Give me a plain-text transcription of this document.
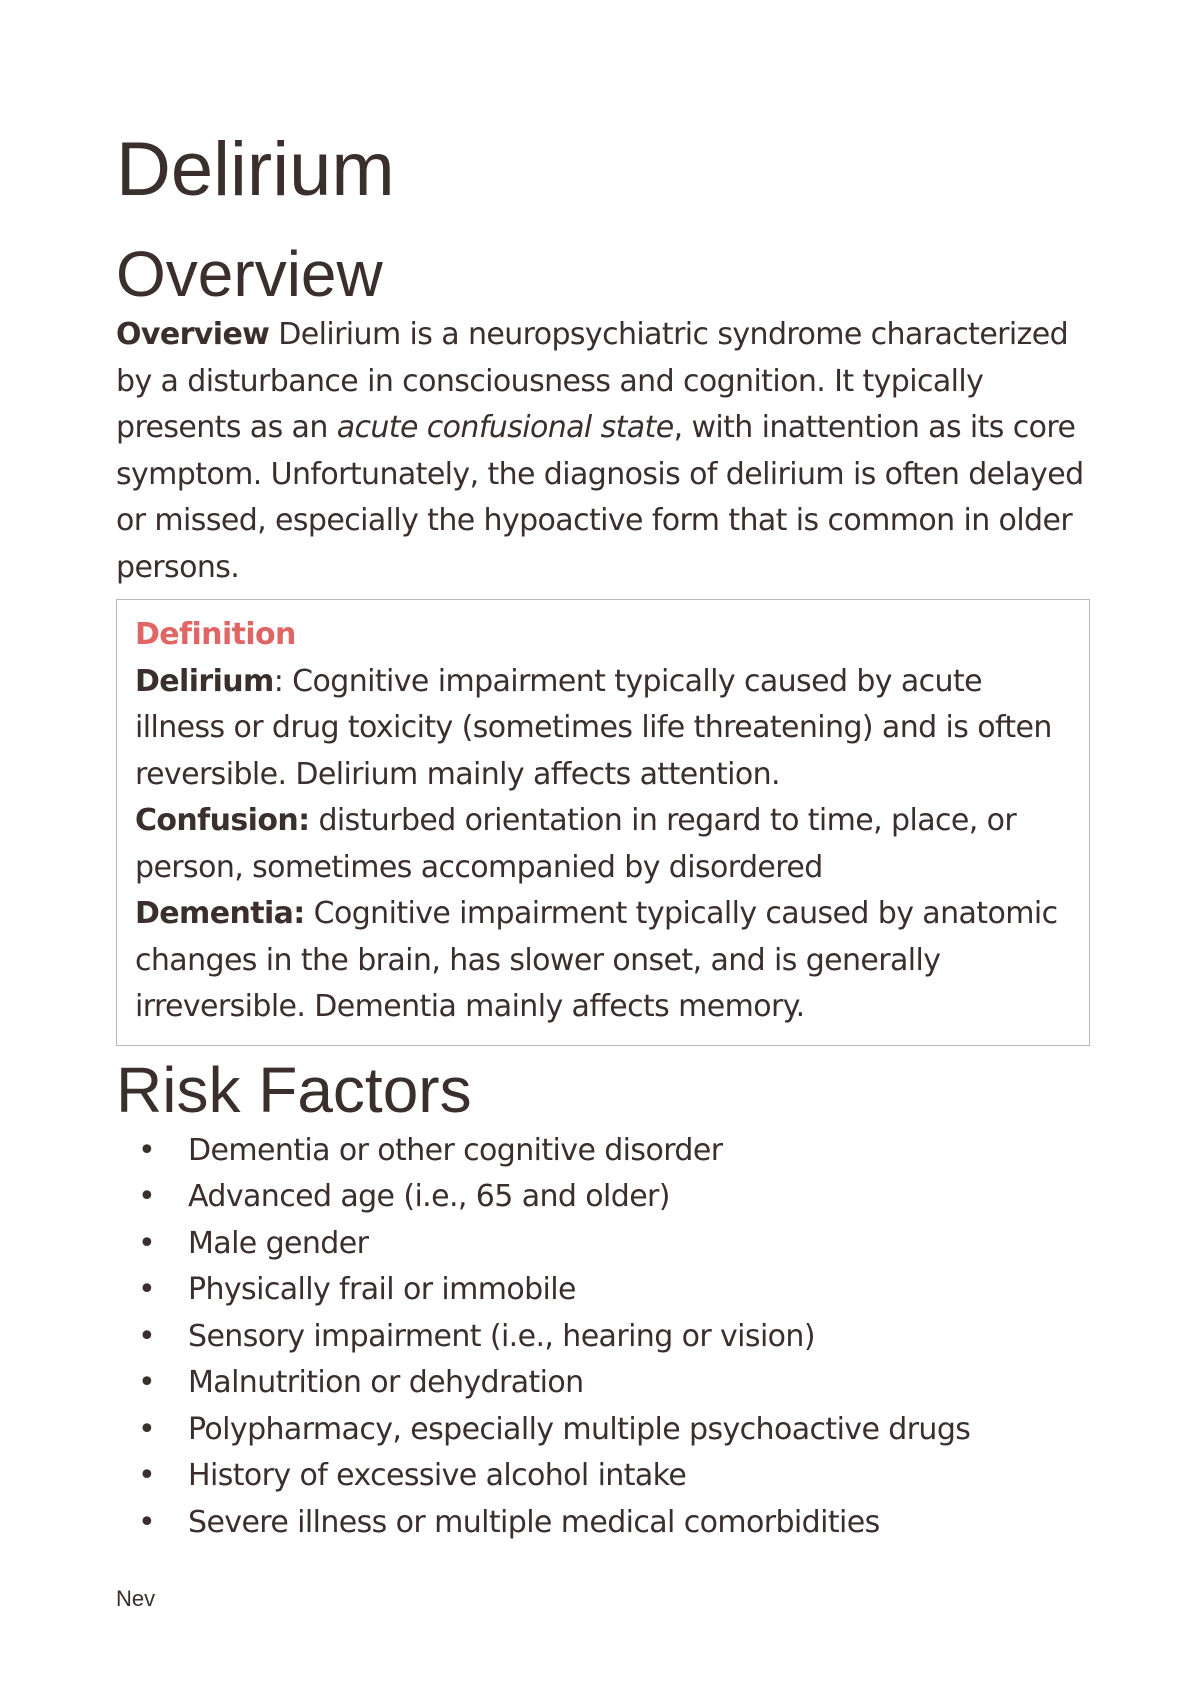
Delirium
Overview

Overview Delirium is a neuropsychiatric syndrome characterized by a disturbance in consciousness and cognition. It typically presents as an acute confusional state, with inattention as its core symptom. Unfortunately, the diagnosis of delirium is often delayed or missed, especially the hypoactive form that is common in older persons.

Definition

Delirium: Cognitive impairment typically caused by acute illness or drug toxicity (sometimes life threatening) and is often reversible. Delirium mainly affects attention.

Confusion: disturbed orientation in regard to time, place, or person, sometimes accompanied by disordered

Dementia: Cognitive impairment typically caused by anatomic changes in the brain, has slower onset, and is generally irreversible. Dementia mainly affects memory.

Risk Factors
• Dementia or other cognitive disorder
• Advanced age (i.e., 65 and older)
• Male gender
• Physically frail or immobile
• Sensory impairment (i.e., hearing or vision)
• Malnutrition or dehydration
• Polypharmacy, especially multiple psychoactive drugs
• History of excessive alcohol intake
• Severe illness or multiple medical comorbidities
Nev
